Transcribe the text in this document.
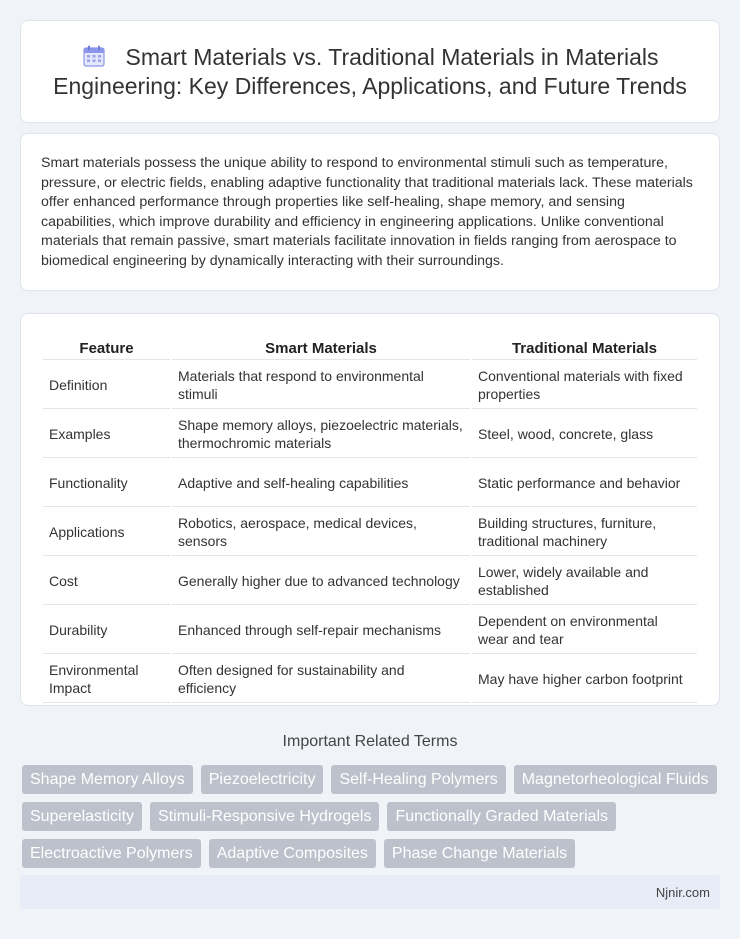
Smart Materials vs. Traditional Materials in Materials Engineering: Key Differences, Applications, and Future Trends

Smart materials possess the unique ability to respond to environmental stimuli such as temperature, pressure, or electric fields, enabling adaptive functionality that traditional materials lack. These materials offer enhanced performance through properties like self-healing, shape memory, and sensing capabilities, which improve durability and efficiency in engineering applications. Unlike conventional materials that remain passive, smart materials facilitate innovation in fields ranging from aerospace to biomedical engineering by dynamically interacting with their surroundings.

Feature	Smart Materials	Traditional Materials
Definition	Materials that respond to environmental stimuli	Conventional materials with fixed properties
Examples	Shape memory alloys, piezoelectric materials, thermochromic materials	Steel, wood, concrete, glass
Functionality	Adaptive and self-healing capabilities	Static performance and behavior
Applications	Robotics, aerospace, medical devices, sensors	Building structures, furniture, traditional machinery
Cost	Generally higher due to advanced technology	Lower, widely available and established
Durability	Enhanced through self-repair mechanisms	Dependent on environmental wear and tear
Environmental Impact	Often designed for sustainability and efficiency	May have higher carbon footprint
Important Related Terms
Shape Memory Alloys	Piezoelectricity	Self-Healing Polymers	Magnetorheological Fluids
Superelasticity	Stimuli-Responsive Hydrogels	Functionally Graded Materials
Electroactive Polymers	Adaptive Composites	Phase Change Materials
Njnir.com
